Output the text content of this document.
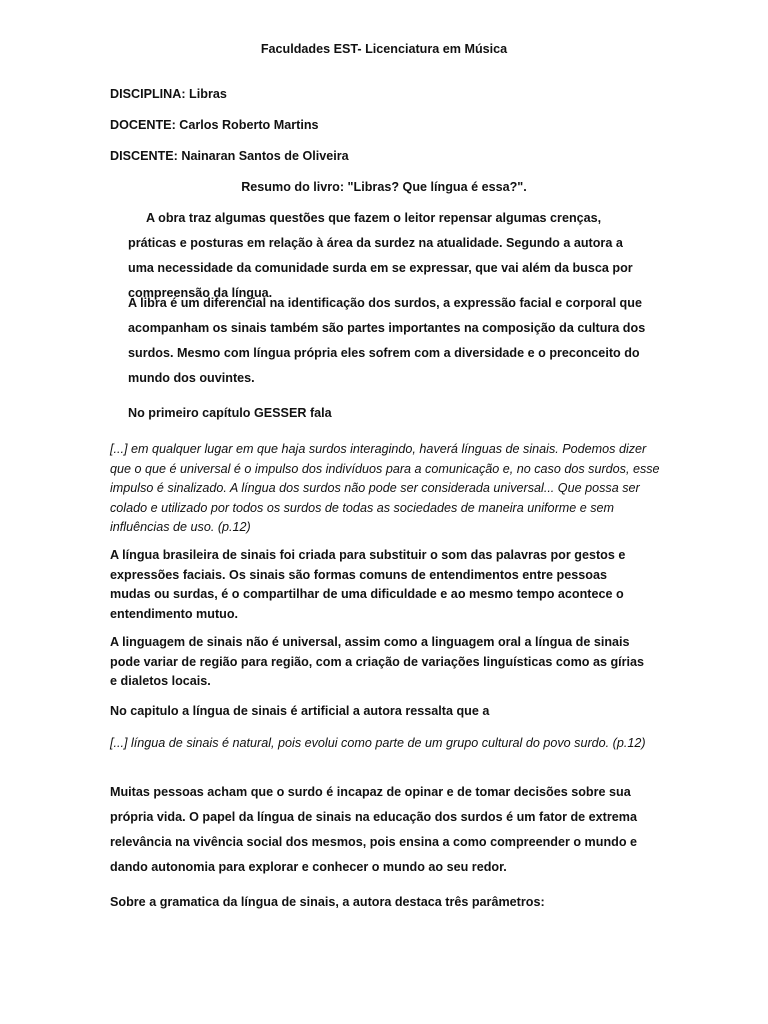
Faculdades EST- Licenciatura em Música

DISCIPLINA: Libras

DOCENTE: Carlos Roberto Martins

DISCENTE: Nainaran Santos de Oliveira

Resumo do livro: "Libras? Que língua é essa?".

A obra traz algumas questões que fazem o leitor repensar algumas crenças, práticas e posturas em relação à área da surdez na atualidade. Segundo a autora a uma necessidade da comunidade surda em se expressar, que vai além da busca por compreensão da língua.

A libra é um diferencial na identificação dos surdos, a expressão facial e corporal que acompanham os sinais também são partes importantes na composição da cultura dos surdos. Mesmo com língua própria eles sofrem com a diversidade e o preconceito do mundo dos ouvintes.

No primeiro capítulo GESSER fala

[...] em qualquer lugar em que haja surdos interagindo, haverá línguas de sinais. Podemos dizer que o que é universal é o impulso dos indivíduos para a comunicação e, no caso dos surdos, esse impulso é sinalizado. A língua dos surdos não pode ser considerada universal... Que possa ser colado e utilizado por todos os surdos de todas as sociedades de maneira uniforme e sem influências de uso. (p.12)

A língua brasileira de sinais foi criada para substituir o som das palavras por gestos e expressões faciais. Os sinais são formas comuns de entendimentos entre pessoas mudas ou surdas, é o compartilhar de uma dificuldade e ao mesmo tempo acontece o entendimento mutuo.

A linguagem de sinais não é universal, assim como a linguagem oral a língua de sinais pode variar de região para região, com a criação de variações linguísticas como as gírias e dialetos locais.

No capitulo a língua de sinais é artificial a autora ressalta que a

[...] língua de sinais é natural, pois evolui como parte de um grupo cultural do povo surdo. (p.12)

Muitas pessoas acham que o surdo é incapaz de opinar e de tomar decisões sobre sua própria vida. O papel da língua de sinais na educação dos surdos é um fator de extrema relevância na vivência social dos mesmos, pois ensina a como compreender o mundo e dando autonomia para explorar e conhecer o mundo ao seu redor.

Sobre a gramatica da língua de sinais, a autora destaca três parâmetros:
